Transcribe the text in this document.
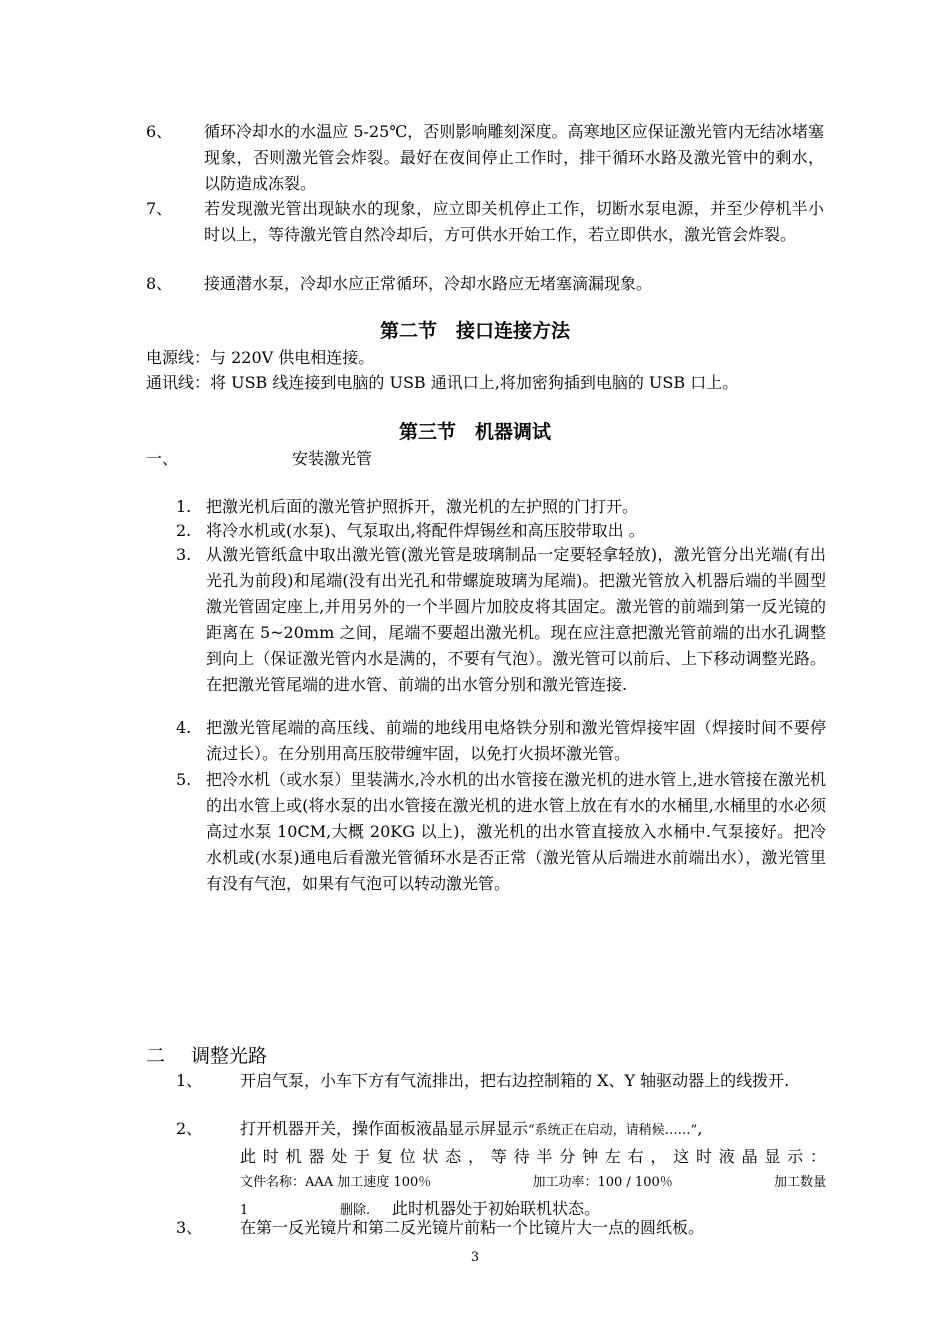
6、 循环冷却水的水温应 5-25℃，否则影响雕刻深度。高寒地区应保证激光管内无结冰堵塞现象，否则激光管会炸裂。最好在夜间停止工作时，排干循环水路及激光管中的剩水，以防造成冻裂。
7、 若发现激光管出现缺水的现象，应立即关机停止工作，切断水泵电源，并至少停机半小时以上，等待激光管自然冷却后，方可供水开始工作，若立即供水，激光管会炸裂。
8、 接通潜水泵，冷却水应正常循环，冷却水路应无堵塞滴漏现象。
第二节　接口连接方法
电源线：与 220V 供电相连接。
通讯线：将 USB 线连接到电脑的 USB 通讯口上,将加密狗插到电脑的 USB 口上。
第三节　机器调试
一、	安装激光管
1. 把激光机后面的激光管护照拆开，激光机的左护照的门打开。
2. 将冷水机或(水泵)、气泵取出,将配件焊锡丝和高压胶带取出 。
3. 从激光管纸盒中取出激光管(激光管是玻璃制品一定要轻拿轻放)，激光管分出光端(有出光孔为前段)和尾端(没有出光孔和带螺旋玻璃为尾端)。把激光管放入机器后端的半圆型激光管固定座上,并用另外的一个半圆片加胶皮将其固定。激光管的前端到第一反光镜的距离在 5~20mm 之间，尾端不要超出激光机。现在应注意把激光管前端的出水孔调整到向上（保证激光管内水是满的，不要有气泡）。激光管可以前后、上下移动调整光路。在把激光管尾端的进水管、前端的出水管分别和激光管连接.
4. 把激光管尾端的高压线、前端的地线用电烙铁分别和激光管焊接牢固（焊接时间不要停流过长）。在分别用高压胶带缠牢固，以免打火损坏激光管。
5. 把冷水机（或水泵）里装满水,冷水机的出水管接在激光机的进水管上,进水管接在激光机的出水管上或(将水泵的出水管接在激光机的进水管上放在有水的水桶里,水桶里的水必须高过水泵 10CM,大概 20KG 以上)，激光机的出水管直接放入水桶中.气泵接好。把冷水机或(水泵)通电后看激光管循环水是否正常（激光管从后端进水前端出水），激光管里有没有气泡，如果有气泡可以转动激光管。
二 调整光路
1、 开启气泵，小车下方有气流排出，把右边控制箱的 X、Y 轴驱动器上的线拨开.
2、 打开机器开关，操作面板液晶显示屏显示“系统正在启动，请稍候……”,
此时机器处于复位状态，等待半分钟左右，这时液晶显示：
文件名称：AAA 加工速度 100％	加工功率：100 / 100％	加工数量
1	删除. 此时机器处于初始联机状态。
3、 在第一反光镜片和第二反光镜片前粘一个比镜片大一点的圆纸板。
3
